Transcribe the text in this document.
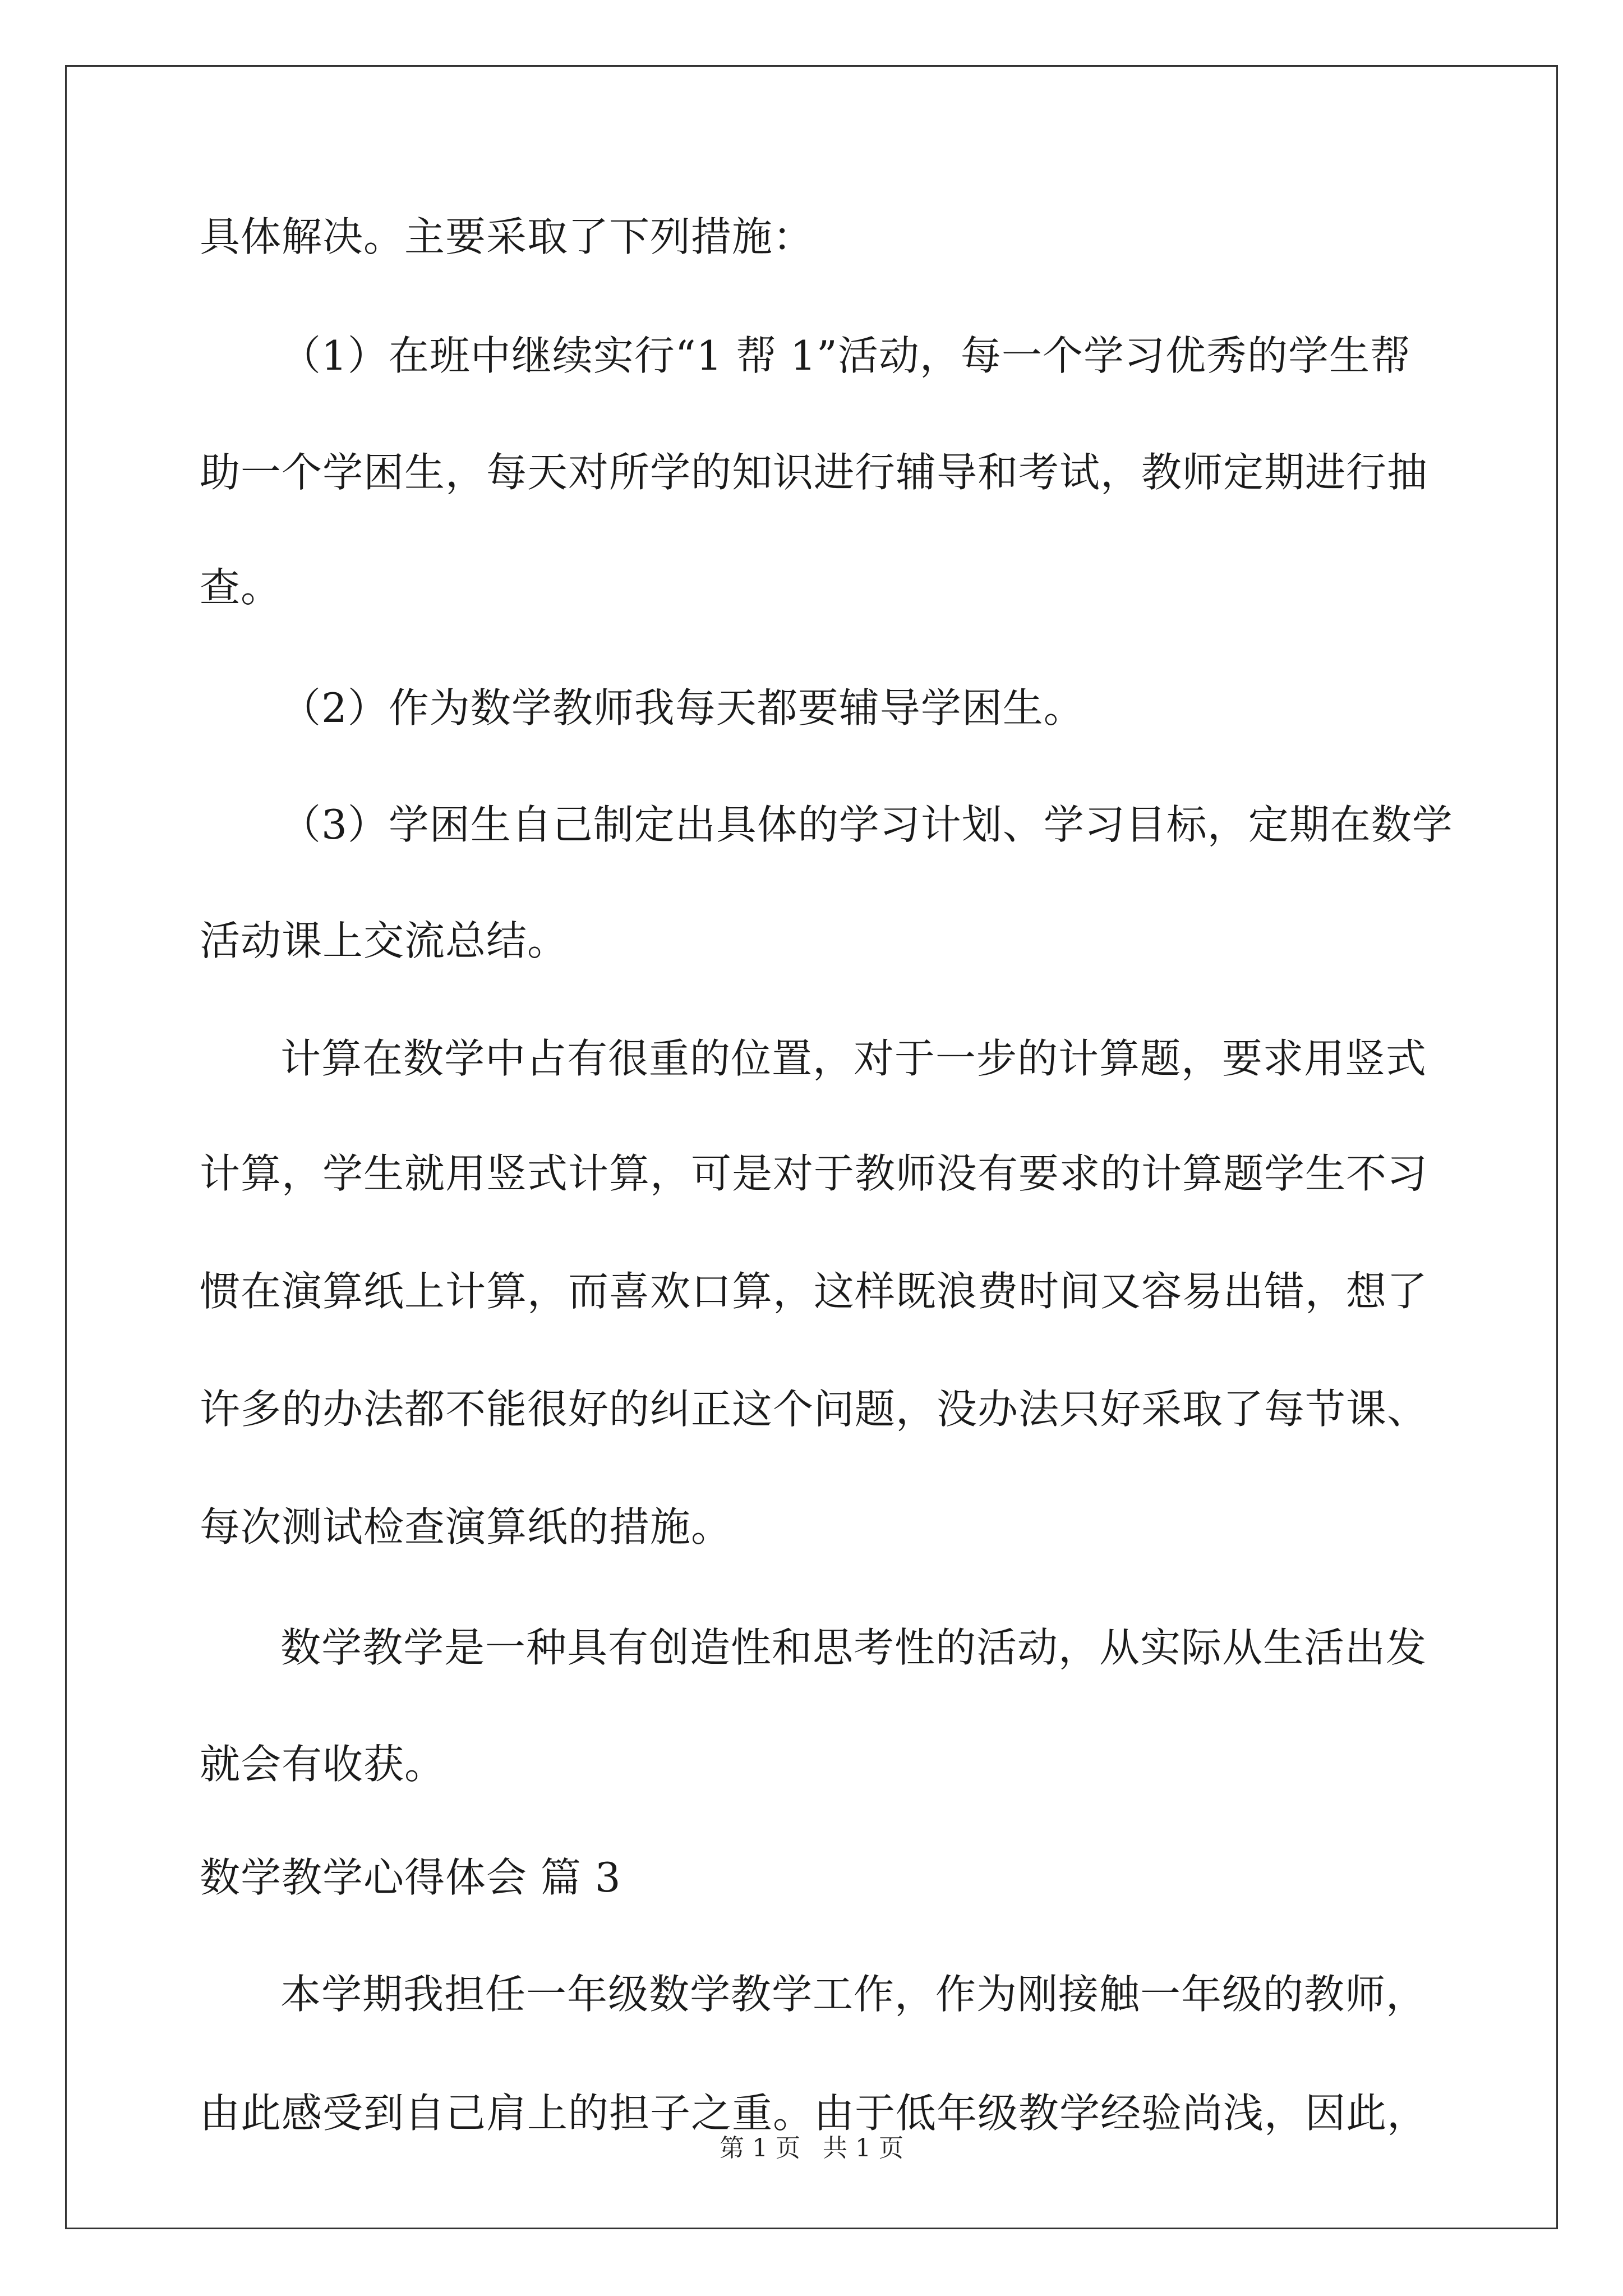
具体解决。主要采取了下列措施：
（1）在班中继续实行“1 帮 1”活动，每一个学习优秀的学生帮
助一个学困生，每天对所学的知识进行辅导和考试，教师定期进行抽
查。
（2）作为数学教师我每天都要辅导学困生。
（3）学困生自己制定出具体的学习计划、学习目标，定期在数学
活动课上交流总结。
计算在数学中占有很重的位置，对于一步的计算题，要求用竖式
计算，学生就用竖式计算，可是对于教师没有要求的计算题学生不习
惯在演算纸上计算，而喜欢口算，这样既浪费时间又容易出错，想了
许多的办法都不能很好的纠正这个问题，没办法只好采取了每节课、
每次测试检查演算纸的措施。
数学教学是一种具有创造性和思考性的活动，从实际从生活出发
就会有收获。
数学教学心得体会 篇 3
本学期我担任一年级数学教学工作，作为刚接触一年级的教师，
由此感受到自己肩上的担子之重。由于低年级教学经验尚浅，因此，
第 1 页 共 1 页
